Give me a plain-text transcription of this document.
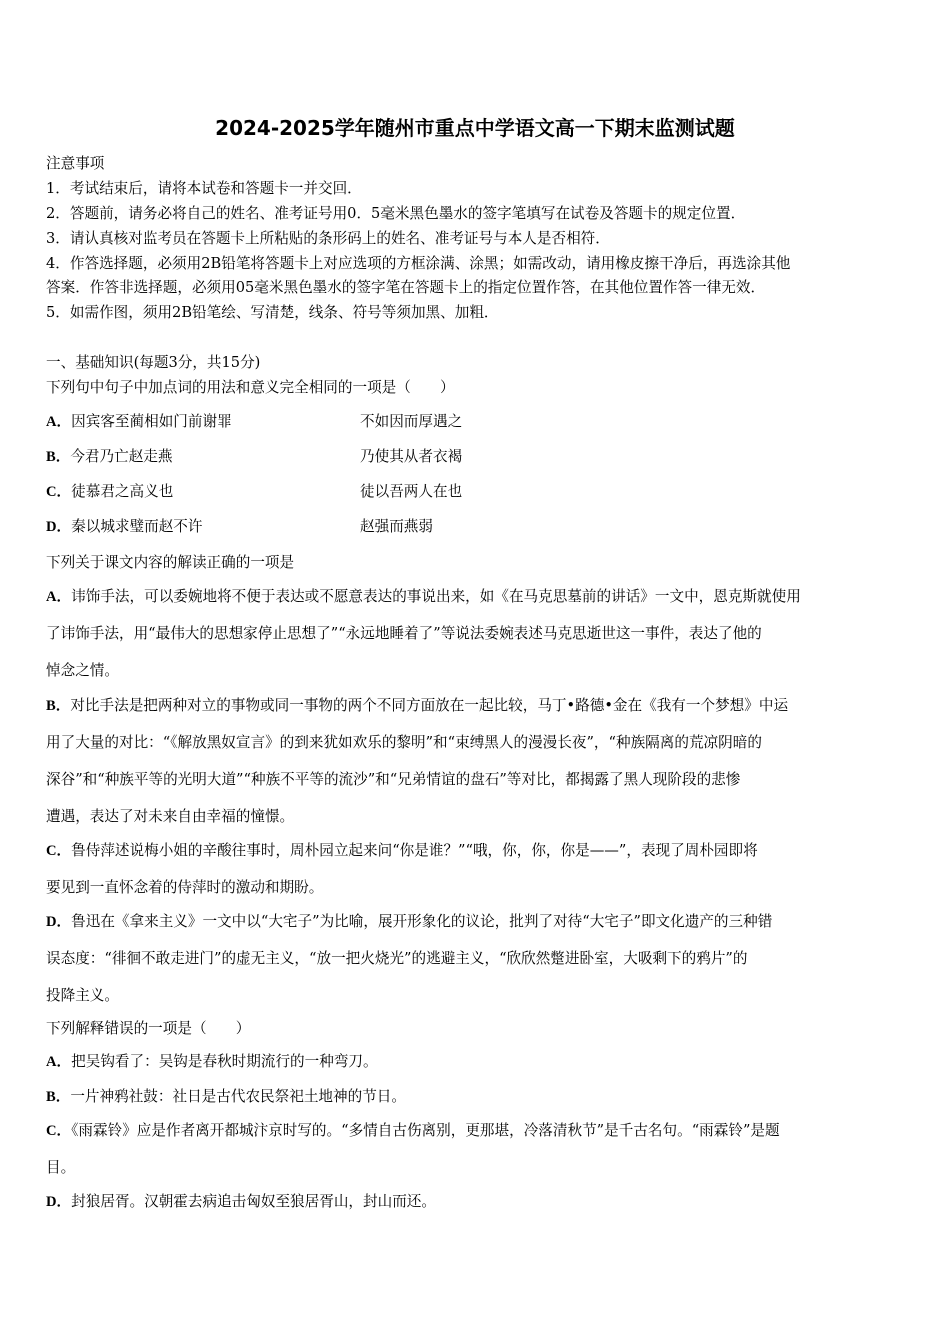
2024-2025学年随州市重点中学语文高一下期末监测试题
注意事项
1．考试结束后，请将本试卷和答题卡一并交回．
2．答题前，请务必将自己的姓名、准考证号用0．5毫米黑色墨水的签字笔填写在试卷及答题卡的规定位置．
3．请认真核对监考员在答题卡上所粘贴的条形码上的姓名、准考证号与本人是否相符．
4．作答选择题，必须用2B铅笔将答题卡上对应选项的方框涂满、涂黑；如需改动，请用橡皮擦干净后，再选涂其他
答案．作答非选择题，必须用05毫米黑色墨水的签字笔在答题卡上的指定位置作答，在其他位置作答一律无效．
5．如需作图，须用2B铅笔绘、写清楚，线条、符号等须加黑、加粗．
一、基础知识(每题3分，共15分)
下列句中句子中加点词的用法和意义完全相同的一项是（　　）
A．因宾客至蔺相如门前谢罪	不如因而厚遇之
B．今君乃亡赵走燕	乃使其从者衣褐
C．徒慕君之高义也	徒以吾两人在也
D．秦以城求璧而赵不许	赵强而燕弱
下列关于课文内容的解读正确的一项是
A．讳饰手法，可以委婉地将不便于表达或不愿意表达的事说出来，如《在马克思墓前的讲话》一文中，恩克斯就使用
了讳饰手法，用“最伟大的思想家停止思想了”“永远地睡着了”等说法委婉表述马克思逝世这一事件，表达了他的
悼念之情。
B．对比手法是把两种对立的事物或同一事物的两个不同方面放在一起比较，马丁•路德•金在《我有一个梦想》中运
用了大量的对比：“《解放黑奴宣言》的到来犹如欢乐的黎明”和“束缚黑人的漫漫长夜”，“种族隔离的荒凉阴暗的
深谷”和“种族平等的光明大道”“种族不平等的流沙”和“兄弟情谊的盘石”等对比，都揭露了黑人现阶段的悲惨
遭遇，表达了对未来自由幸福的憧憬。
C．鲁侍萍述说梅小姐的辛酸往事时，周朴园立起来问“你是谁？”“哦，你，你，你是——”，表现了周朴园即将
要见到一直怀念着的侍萍时的激动和期盼。
D．鲁迅在《拿来主义》一文中以“大宅子”为比喻，展开形象化的议论，批判了对待“大宅子”即文化遗产的三种错
误态度：“徘徊不敢走进门”的虚无主义，“放一把火烧光”的逃避主义，“欣欣然蹩进卧室，大吸剩下的鸦片”的
投降主义。
下列解释错误的一项是（　　）
A．把吴钩看了：吴钩是春秋时期流行的一种弯刀。
B．一片神鸦社鼓：社日是古代农民祭祀土地神的节日。
C．《雨霖铃》应是作者离开都城汴京时写的。“多情自古伤离别，更那堪，冷落清秋节”是千古名句。“雨霖铃”是题
目。
D．封狼居胥。汉朝霍去病追击匈奴至狼居胥山，封山而还。
